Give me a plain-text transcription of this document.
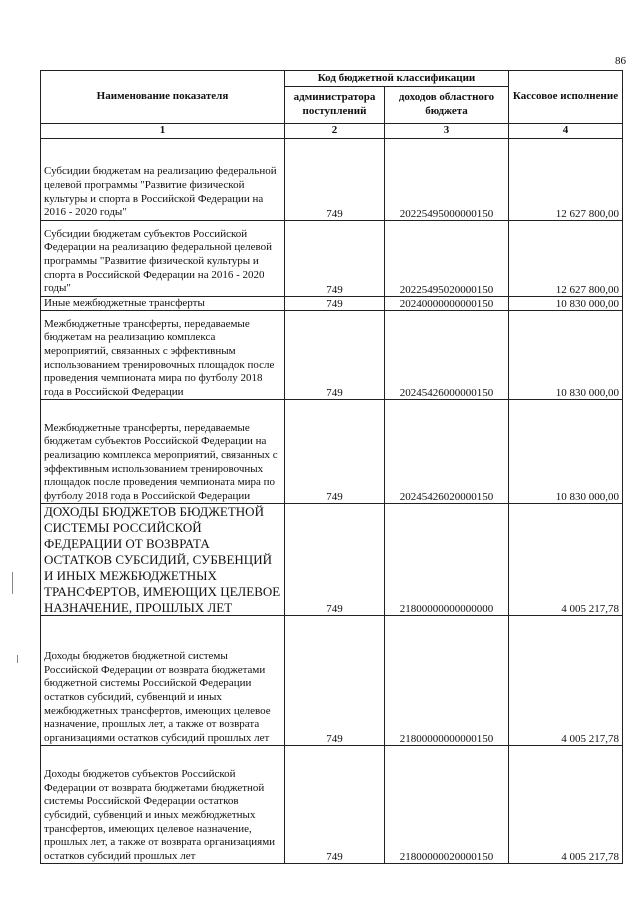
86
Наименование показателя	Код бюджетной классификации		Кассовое исполнение
	администратора поступлений	доходов областного бюджета	
1	2	3	4
Субсидии бюджетам на реализацию федеральной целевой программы "Развитие физической культуры и спорта в Российской Федерации на 2016 - 2020 годы"	749	20225495000000150	12 627 800,00
Субсидии бюджетам субъектов Российской Федерации на реализацию федеральной целевой программы "Развитие физической культуры и спорта в Российской Федерации на 2016 - 2020 годы"	749	20225495020000150	12 627 800,00
Иные межбюджетные трансферты	749	20240000000000150	10 830 000,00
Межбюджетные трансферты, передаваемые бюджетам на реализацию комплекса мероприятий, связанных с эффективным использованием тренировочных площадок после проведения чемпионата мира по футболу 2018 года в Российской Федерации	749	20245426000000150	10 830 000,00
Межбюджетные трансферты, передаваемые бюджетам субъектов Российской Федерации на реализацию комплекса мероприятий, связанных с эффективным использованием тренировочных площадок после проведения чемпионата мира по футболу 2018 года в Российской Федерации	749	20245426020000150	10 830 000,00
ДОХОДЫ БЮДЖЕТОВ БЮДЖЕТНОЙ СИСТЕМЫ РОССИЙСКОЙ ФЕДЕРАЦИИ ОТ ВОЗВРАТА ОСТАТКОВ СУБСИДИЙ, СУБВЕНЦИЙ И ИНЫХ МЕЖБЮДЖЕТНЫХ ТРАНСФЕРТОВ, ИМЕЮЩИХ ЦЕЛЕВОЕ НАЗНАЧЕНИЕ, ПРОШЛЫХ ЛЕТ	749	21800000000000000	4 005 217,78
Доходы бюджетов бюджетной системы Российской Федерации от возврата бюджетами бюджетной системы Российской Федерации остатков субсидий, субвенций и иных межбюджетных трансфертов, имеющих целевое назначение, прошлых лет, а также от возврата организациями остатков субсидий прошлых лет	749	21800000000000150	4 005 217,78
Доходы бюджетов субъектов Российской Федерации от возврата бюджетами бюджетной системы Российской Федерации остатков субсидий, субвенций и иных межбюджетных трансфертов, имеющих целевое назначение, прошлых лет, а также от возврата организациями остатков субсидий прошлых лет	749	21800000020000150	4 005 217,78
